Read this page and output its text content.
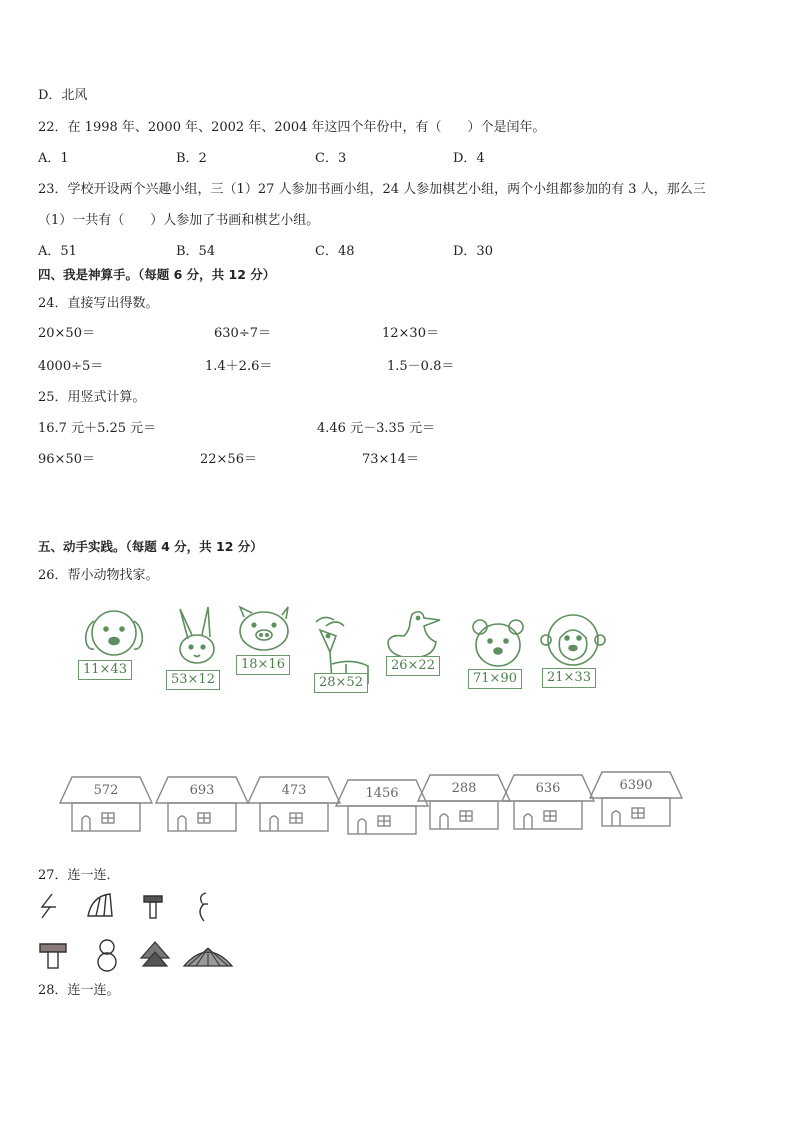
D．北风
22．在 1998 年、2000 年、2002 年、2004 年这四个年份中，有（　　）个是闰年。
A．1	B．2	C．3	D．4
23．学校开设两个兴趣小组，三（1）27 人参加书画小组，24 人参加棋艺小组，两个小组都参加的有 3 人，那么三
（1）一共有（　　）人参加了书画和棋艺小组。
A．51	B．54	C．48	D．30
四、我是神算手。（每题 6 分，共 12 分）
24．直接写出得数。
20×50＝	630÷7＝	12×30＝
4000÷5＝	1.4＋2.6＝	1.5－0.8＝
25．用竖式计算。
16.7 元＋5.25 元＝	4.46 元－3.35 元＝
96×50＝	22×56＝	73×14＝
五、动手实践。（每题 4 分，共 12 分）
26．帮小动物找家。
11×43
53×12
18×16
28×52
26×22
71×90	21×33
572	693	473	1456	288	636	6390
27．连一连．
28．连一连。
